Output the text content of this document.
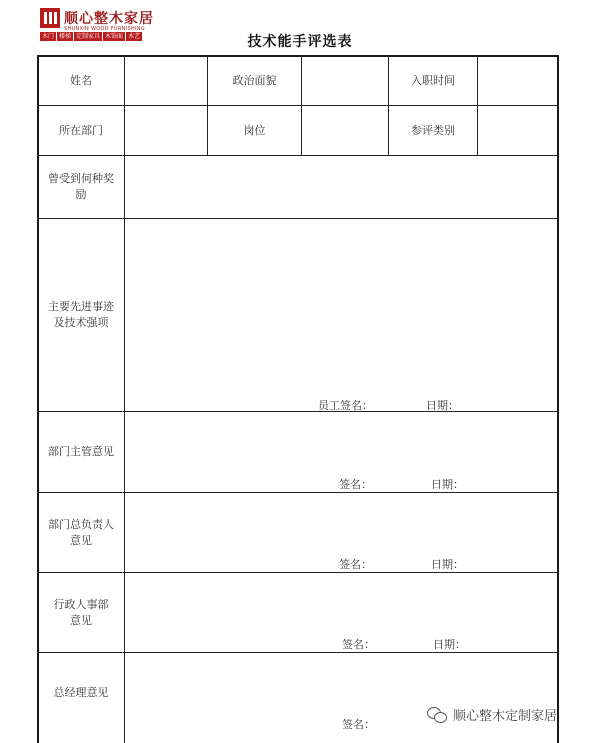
顺心整木家居
SHUNXIN WOOD FURNISHING
木门 楼梯 定制家具 木饰面 木艺	技术能手评选表
姓名	政治面貌	入职时间
所在部门	岗位	参评类别
曾受到何种奖
励
主要先进事迹
及技术强项
员工签名：	日期：
部门主管意见
签名：	日期：
部门总负责人
意见
签名：	日期：
行政人事部
意见
签名：	日期：
总经理意见
签名：
顺心整木定制家居
